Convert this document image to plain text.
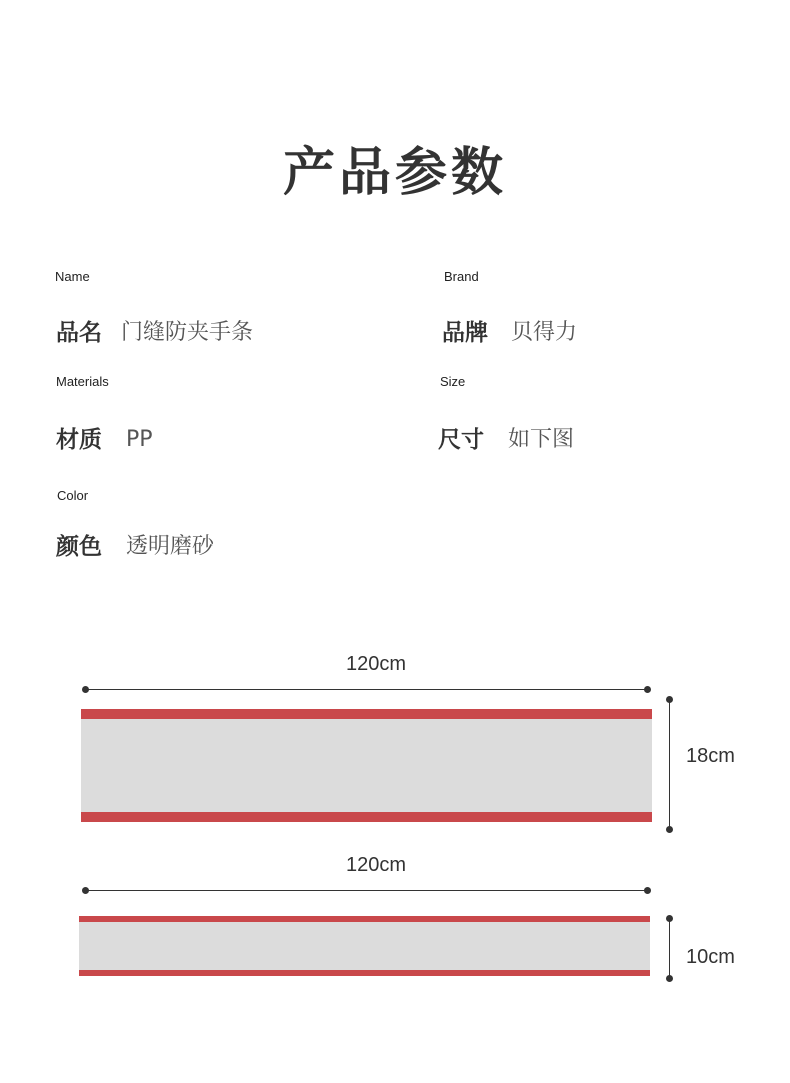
产品参数
Name
品名 门缝防夹手条
Brand
品牌 贝得力
Materials
材质 PP
Size
尺寸 如下图
Color
颜色 透明磨砂
120cm
18cm
120cm
10cm
